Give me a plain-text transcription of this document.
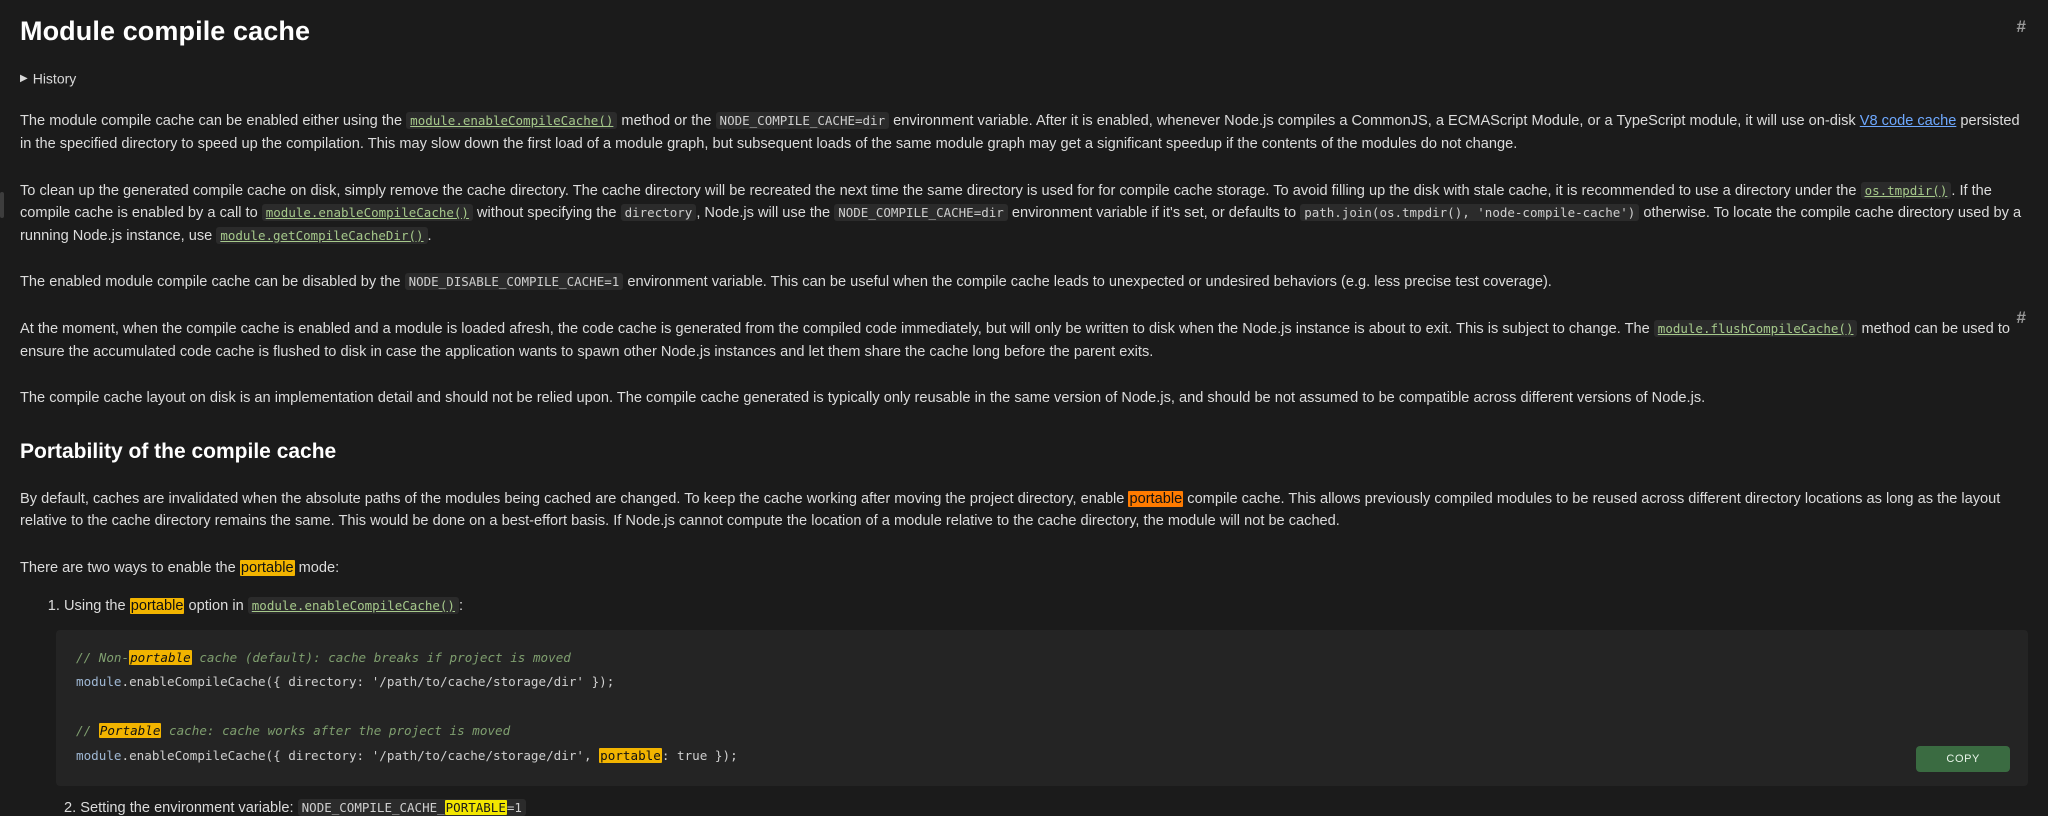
#
#
Module compile cache
▶ History

The module compile cache can be enabled either using the module.enableCompileCache() method or the NODE_COMPILE_CACHE=dir environment variable. After it is enabled, whenever Node.js compiles a CommonJS, a ECMAScript Module, or a TypeScript module, it will use on-disk V8 code cache persisted in the specified directory to speed up the compilation. This may slow down the first load of a module graph, but subsequent loads of the same module graph may get a significant speedup if the contents of the modules do not change.

To clean up the generated compile cache on disk, simply remove the cache directory. The cache directory will be recreated the next time the same directory is used for for compile cache storage. To avoid filling up the disk with stale cache, it is recommended to use a directory under the os.tmpdir() . If the compile cache is enabled by a call to module.enableCompileCache() without specifying the directory , Node.js will use the NODE_COMPILE_CACHE=dir environment variable if it's set, or defaults to path.join(os.tmpdir(), 'node-compile-cache') otherwise. To locate the compile cache directory used by a running Node.js instance, use module.getCompileCacheDir() .

The enabled module compile cache can be disabled by the NODE_DISABLE_COMPILE_CACHE=1 environment variable. This can be useful when the compile cache leads to unexpected or undesired behaviors (e.g. less precise test coverage).

At the moment, when the compile cache is enabled and a module is loaded afresh, the code cache is generated from the compiled code immediately, but will only be written to disk when the Node.js instance is about to exit. This is subject to change. The module.flushCompileCache() method can be used to ensure the accumulated code cache is flushed to disk in case the application wants to spawn other Node.js instances and let them share the cache long before the parent exits.

The compile cache layout on disk is an implementation detail and should not be relied upon. The compile cache generated is typically only reusable in the same version of Node.js, and should be not assumed to be compatible across different versions of Node.js.

Portability of the compile cache

By default, caches are invalidated when the absolute paths of the modules being cached are changed. To keep the cache working after moving the project directory, enable portable compile cache. This allows previously compiled modules to be reused across different directory locations as long as the layout relative to the cache directory remains the same. This would be done on a best-effort basis. If Node.js cannot compute the location of a module relative to the cache directory, the module will not be cached.

There are two ways to enable the portable mode:

1. Using the portable option in module.enableCompileCache() :
// Non-portable cache (default): cache breaks if project is moved
module.enableCompileCache({ directory: '/path/to/cache/storage/dir' });

// Portable cache: cache works after the project is moved
module.enableCompileCache({ directory: '/path/to/cache/storage/dir', portable: true });	COPY
2. Setting the environment variable: NODE_COMPILE_CACHE_PORTABLE=1
